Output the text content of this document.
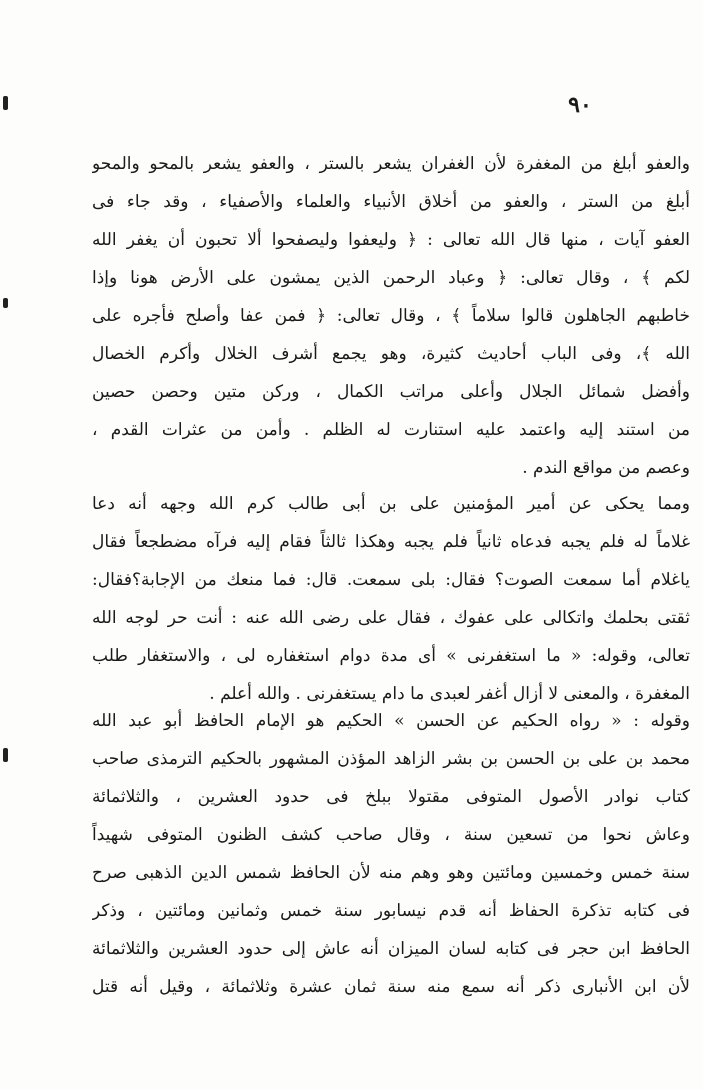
٩٠
والعفو أبلغ من المغفرة لأن الغفران يشعر بالستر ، والعفو يشعر بالمحو والمحو
أبلغ من الستر ، والعفو من أخلاق الأنبياء والعلماء والأصفياء ، وقد جاء فى
العفو آيات ، منها قال الله تعالى : ﴿ وليعفوا وليصفحوا ألا تحبون أن يغفر الله
لكم ﴾ ، وقال تعالى: ﴿ وعباد الرحمن الذين يمشون على الأرض هونا وإذا
خاطبهم الجاهلون قالوا سلاماً ﴾ ، وقال تعالى: ﴿ فمن عفا وأصلح فأجره على
الله ﴾، وفى الباب أحاديث كثيرة، وهو يجمع أشرف الخلال وأكرم الخصال
وأفضل شمائل الجلال وأعلى مراتب الكمال ، وركن متين وحصن حصين
من استند إليه واعتمد عليه استنارت له الظلم . وأمن من عثرات القدم ،
وعصم من مواقع الندم .
ومما يحكى عن أمير المؤمنين على بن أبى طالب كرم الله وجهه أنه دعا
غلاماً له فلم يجبه فدعاه ثانياً فلم يجبه وهكذا ثالثاً فقام إليه فرآه مضطجعاً فقال
ياغلام أما سمعت الصوت؟ فقال: بلى سمعت. قال: فما منعك من الإجابة؟فقال:
ثقتى بحلمك واتكالى على عفوك ، فقال على رضى الله عنه : أنت حر لوجه الله
تعالى، وقوله: « ما استغفرنى » أى مدة دوام استغفاره لى ، والاستغفار طلب
المغفرة ، والمعنى لا أزال أغفر لعبدى ما دام يستغفرنى . والله أعلم .
وقوله : « رواه الحكيم عن الحسن » الحكيم هو الإمام الحافظ أبو عبد الله
محمد بن على بن الحسن بن بشر الزاهد المؤذن المشهور بالحكيم الترمذى صاحب
كتاب نوادر الأصول المتوفى مقتولا ببلخ فى حدود العشرين ، والثلاثمائة
وعاش نحوا من تسعين سنة ، وقال صاحب كشف الظنون المتوفى شهيداً
سنة خمس وخمسين ومائتين وهو وهم منه لأن الحافظ شمس الدين الذهبى صرح
فى كتابه تذكرة الحفاظ أنه قدم نيسابور سنة خمس وثمانين ومائتين ، وذكر
الحافظ ابن حجر فى كتابه لسان الميزان أنه عاش إلى حدود العشرين والثلاثمائة
لأن ابن الأنبارى ذكر أنه سمع منه سنة ثمان عشرة وثلاثمائة ، وقيل أنه قتل
